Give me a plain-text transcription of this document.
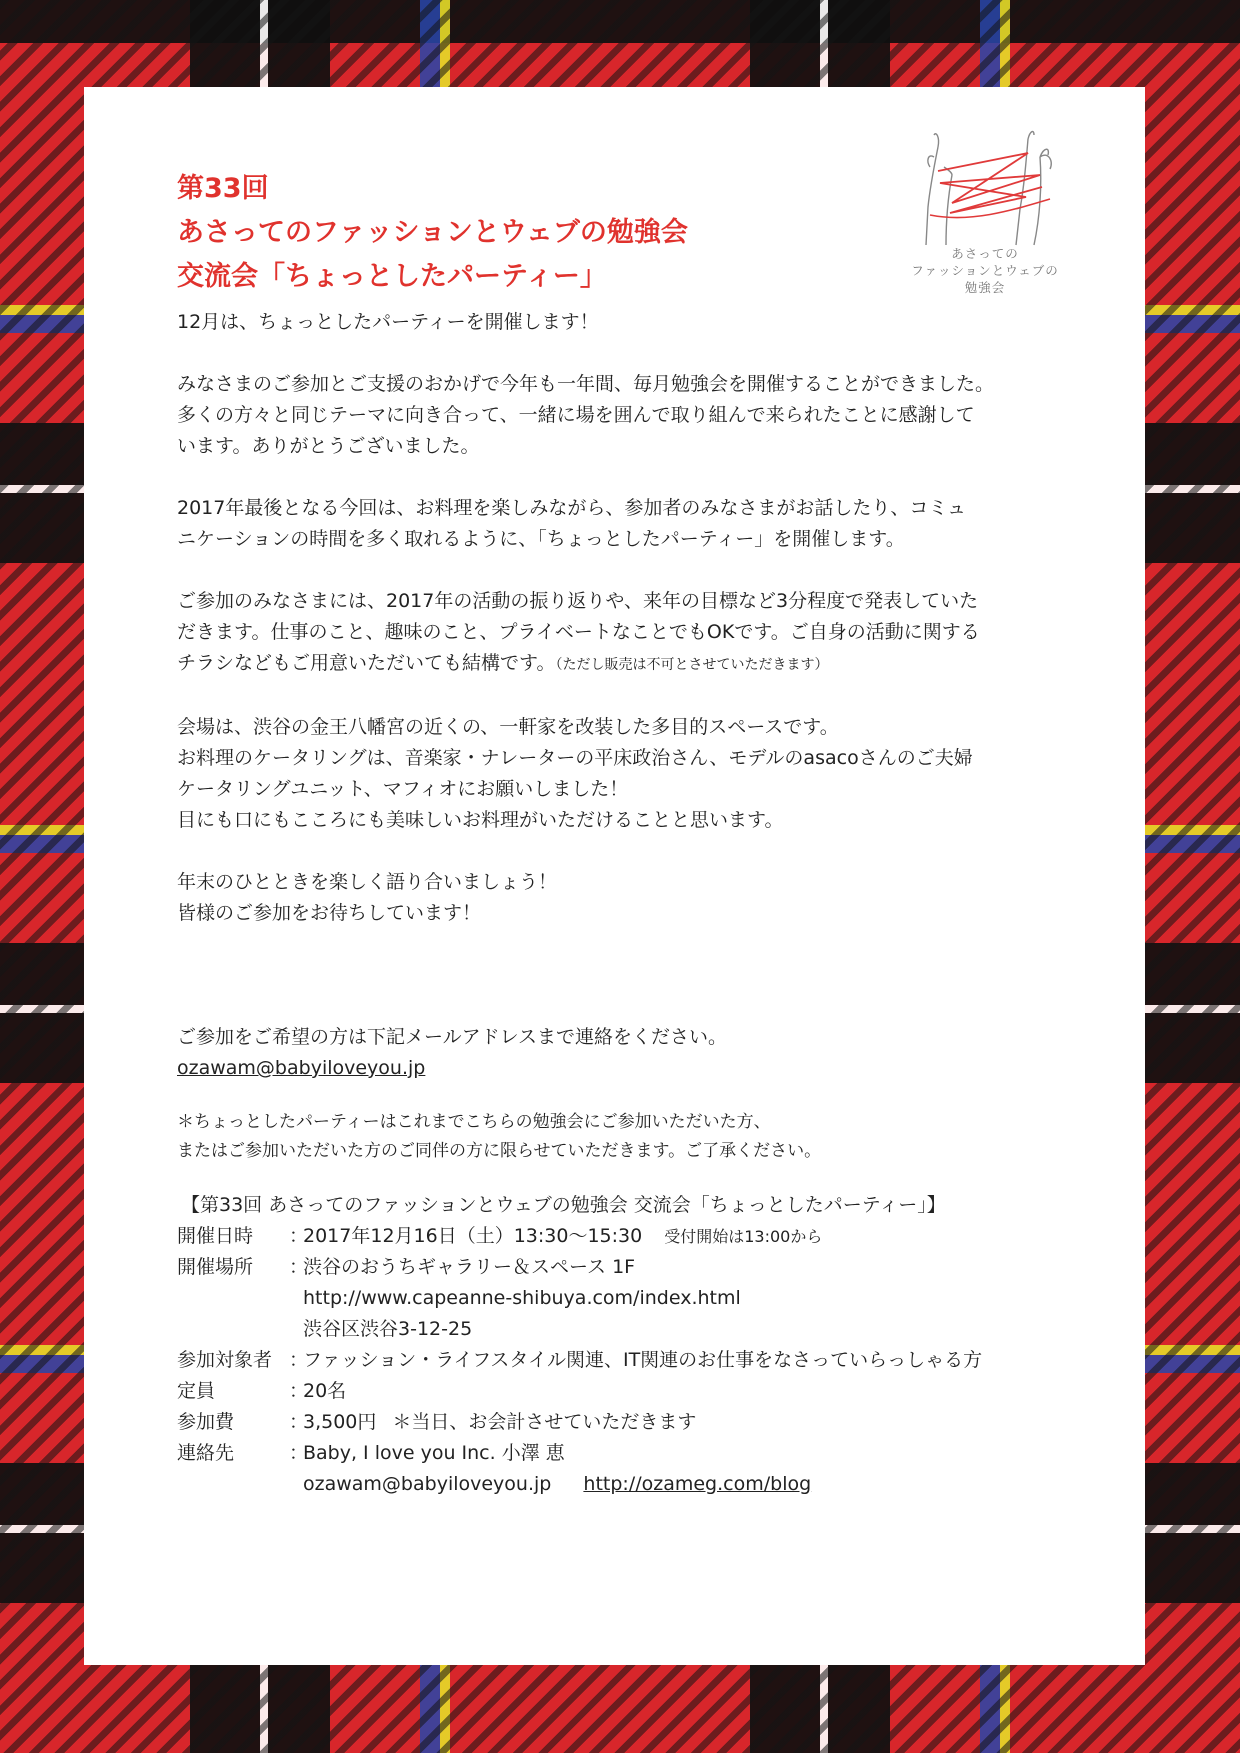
第33回
あさってのファッションとウェブの勉強会
交流会「ちょっとしたパーティー」
あさっての
ファッションとウェブの
勉強会
12月は、ちょっとしたパーティーを開催します！
みなさまのご参加とご支援のおかげで今年も一年間、毎月勉強会を開催することができました。
多くの方々と同じテーマに向き合って、一緒に場を囲んで取り組んで来られたことに感謝して
います。ありがとうございました。
2017年最後となる今回は、お料理を楽しみながら、参加者のみなさまがお話したり、コミュ
ニケーションの時間を多く取れるように、「ちょっとしたパーティー」を開催します。
ご参加のみなさまには、2017年の活動の振り返りや、来年の目標など3分程度で発表していた
だきます。仕事のこと、趣味のこと、プライベートなことでもOKです。ご自身の活動に関する
チラシなどもご用意いただいても結構です。（ただし販売は不可とさせていただきます）
会場は、渋谷の金王八幡宮の近くの、一軒家を改装した多目的スペースです。
お料理のケータリングは、音楽家・ナレーターの平床政治さん、モデルのasacoさんのご夫婦
ケータリングユニット、マフィオにお願いしました！
目にも口にもこころにも美味しいお料理がいただけることと思います。
年末のひとときを楽しく語り合いましょう！
皆様のご参加をお待ちしています！
ご参加をご希望の方は下記メールアドレスまで連絡をください。
ozawam@babyiloveyou.jp
＊ちょっとしたパーティーはこれまでこちらの勉強会にご参加いただいた方、
またはご参加いただいた方のご同伴の方に限らせていただきます。ご了承ください。
【第33回 あさってのファッションとウェブの勉強会 交流会「ちょっとしたパーティー」】
開催日時	：
2017年12月16日（土）13:30〜15:30 受付開始は13:00から
開催場所	：
渋谷のおうちギャラリー＆スペース 1F
http://www.capeanne-shibuya.com/index.html
渋谷区渋谷3-12-25
参加対象者 ：
ファッション・ライフスタイル関連、IT関連のお仕事をなさっていらっしゃる方
定員	：
20名
参加費	：
3,500円 ＊当日、お会計させていただきます
連絡先	：
Baby, I love you Inc. 小澤 恵
ozawam@babyiloveyou.jp http://ozameg.com/blog
